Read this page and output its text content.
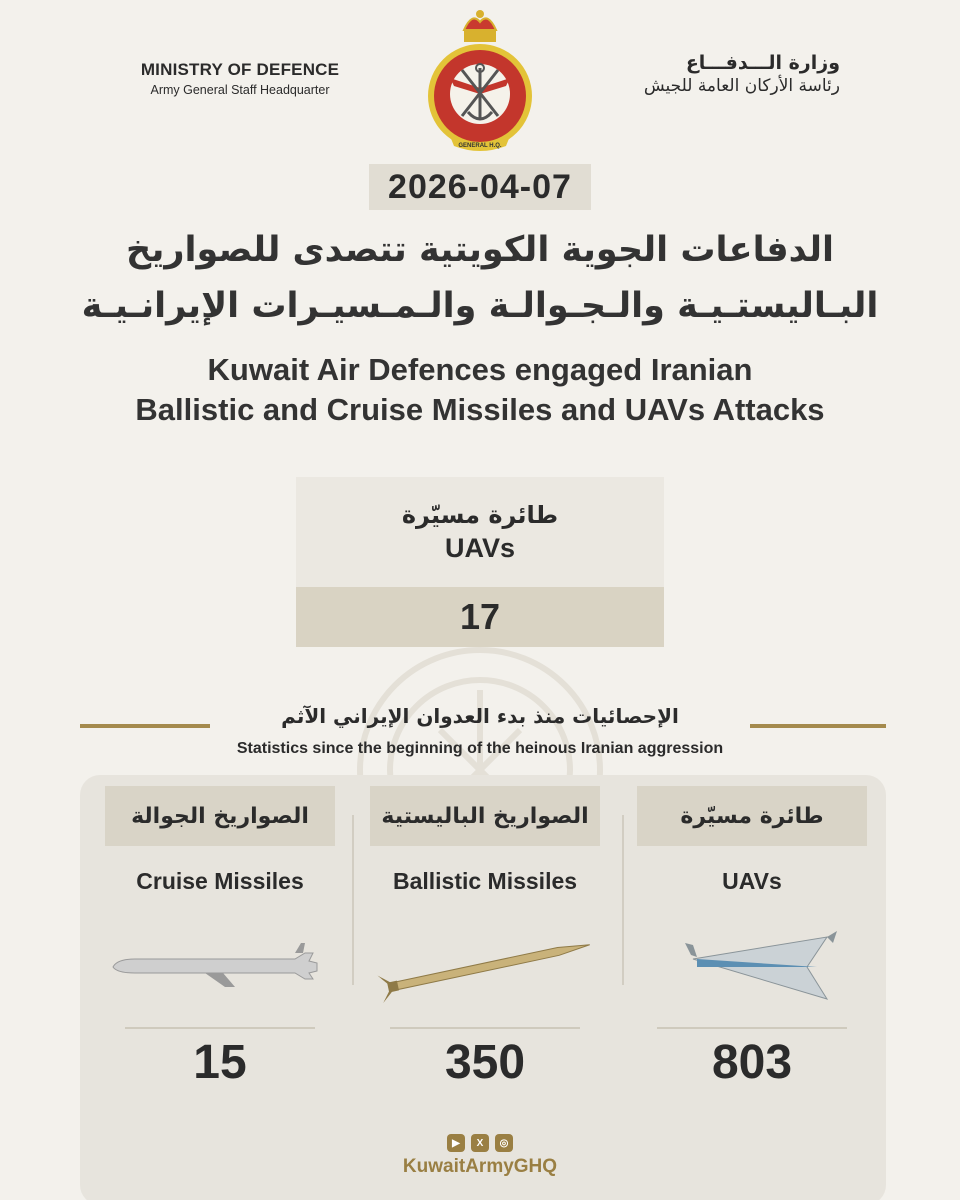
MINISTRY OF DEFENCE
Army General Staff Headquarter
GENERAL H.Q.
وزارة الـــدفـــاع
رئاسة الأركان العامة للجيش
2026-04-07
الدفاعات الجوية الكويتية تتصدى للصواريخ
البـاليستـيـة والـجـوالـة والـمـسيـرات الإيرانـيـة
Kuwait Air Defences engaged Iranian
Ballistic and Cruise Missiles and UAVs Attacks
طائرة مسيّرة
UAVs
17
الإحصائيات منذ بدء العدوان الإيراني الآثم
Statistics since the beginning of the heinous Iranian aggression
الصواريخ الجوالة
Cruise Missiles
15
الصواريخ الباليستية
Ballistic Missiles
350
طائرة مسيّرة
UAVs
803
▶	X	◎
KuwaitArmyGHQ
